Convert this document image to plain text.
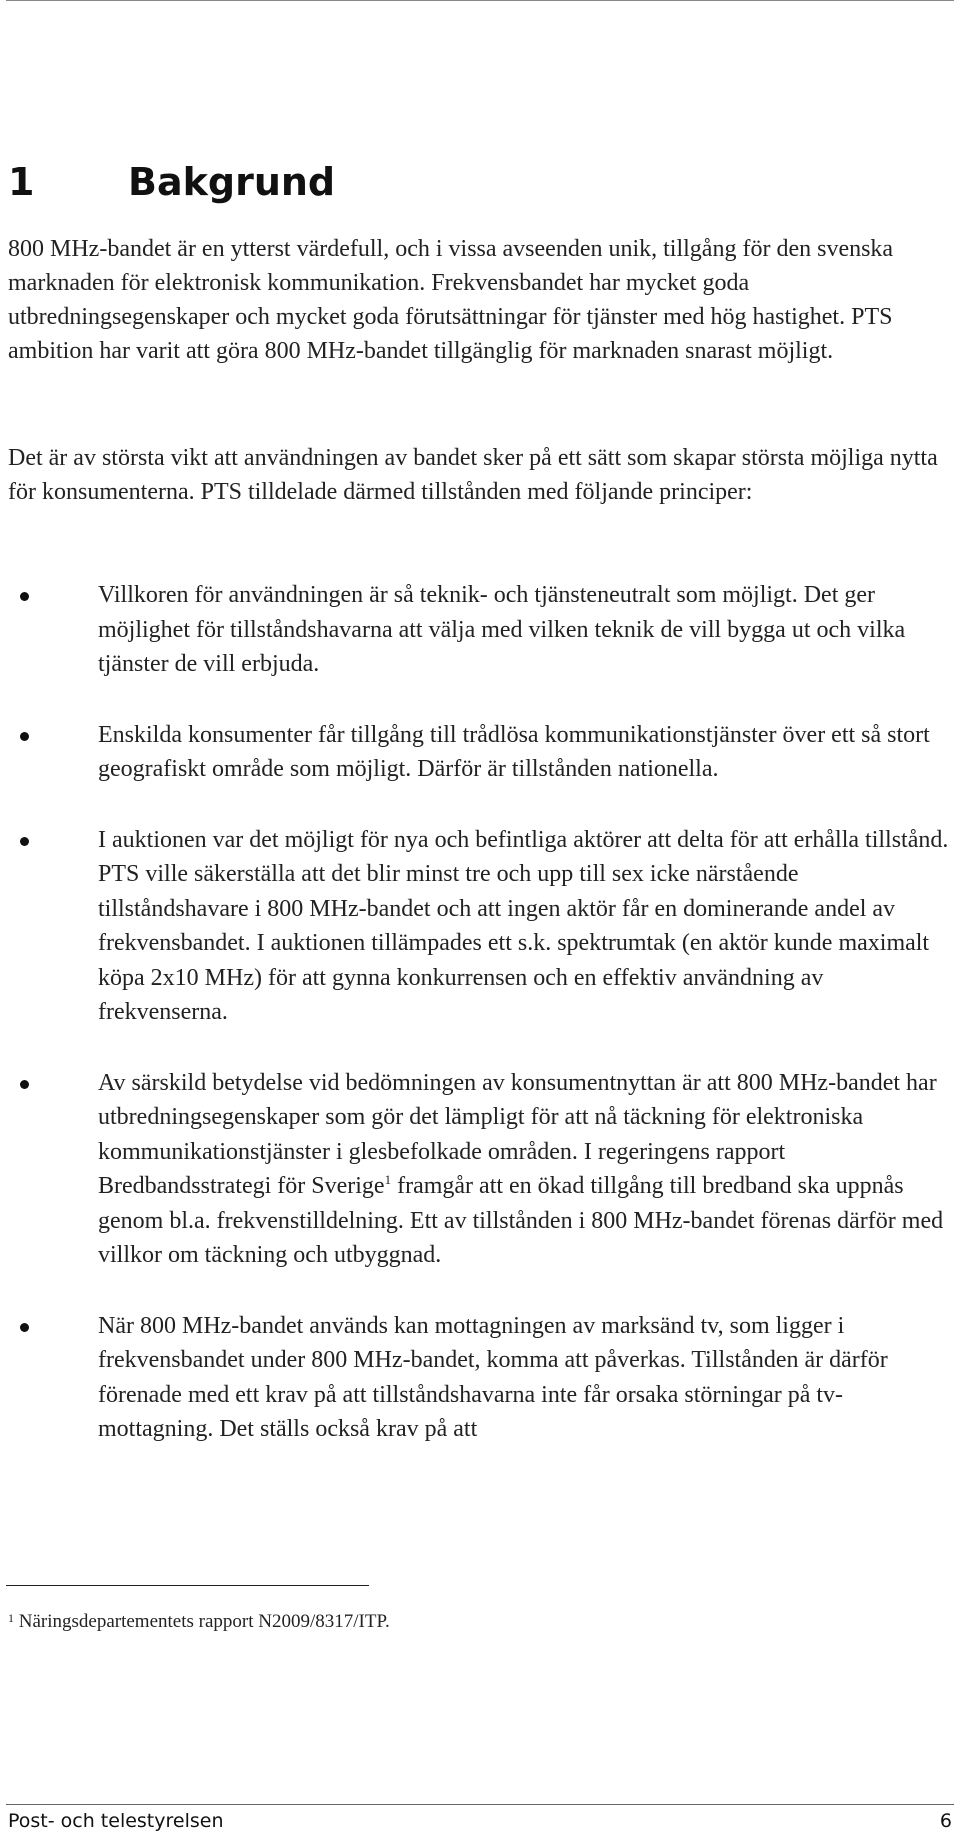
1 Bakgrund

800 MHz-bandet är en ytterst värdefull, och i vissa avseenden unik, tillgång för den svenska marknaden för elektronisk kommunikation. Frekvensbandet har mycket goda utbredningsegenskaper och mycket goda förutsättningar för tjänster med hög hastighet. PTS ambition har varit att göra 800 MHz-bandet tillgänglig för marknaden snarast möjligt.

Det är av största vikt att användningen av bandet sker på ett sätt som skapar största möjliga nytta för konsumenterna. PTS tilldelade därmed tillstånden med följande principer:

Villkoren för användningen är så teknik- och tjänsteneutralt som möjligt. Det ger möjlighet för tillståndshavarna att välja med vilken teknik de vill bygga ut och vilka tjänster de vill erbjuda.
Enskilda konsumenter får tillgång till trådlösa kommunikationstjänster över ett så stort geografiskt område som möjligt. Därför är tillstånden nationella.
I auktionen var det möjligt för nya och befintliga aktörer att delta för att erhålla tillstånd. PTS ville säkerställa att det blir minst tre och upp till sex icke närstående tillståndshavare i 800 MHz-bandet och att ingen aktör får en dominerande andel av frekvensbandet. I auktionen tillämpades ett s.k. spektrumtak (en aktör kunde maximalt köpa 2x10 MHz) för att gynna konkurrensen och en effektiv användning av frekvenserna.
Av särskild betydelse vid bedömningen av konsumentnyttan är att 800 MHz-bandet har utbredningsegenskaper som gör det lämpligt för att nå täckning för elektroniska kommunikationstjänster i glesbefolkade områden. I regeringens rapport Bredbandsstrategi för Sverige$^1$ framgår att en ökad tillgång till bredband ska uppnås genom bl.a. frekvenstilldelning. Ett av tillstånden i 800 MHz-bandet förenas därför med villkor om täckning och utbyggnad.
När 800 MHz-bandet används kan mottagningen av marksänd tv, som ligger i frekvensbandet under 800 MHz-bandet, komma att påverkas. Tillstånden är därför förenade med ett krav på att tillståndshavarna inte får orsaka störningar på tv-mottagning. Det ställs också krav på att
$^1$ Näringsdepartementets rapport N2009/8317/ITP.
Post- och telestyrelsen	6
